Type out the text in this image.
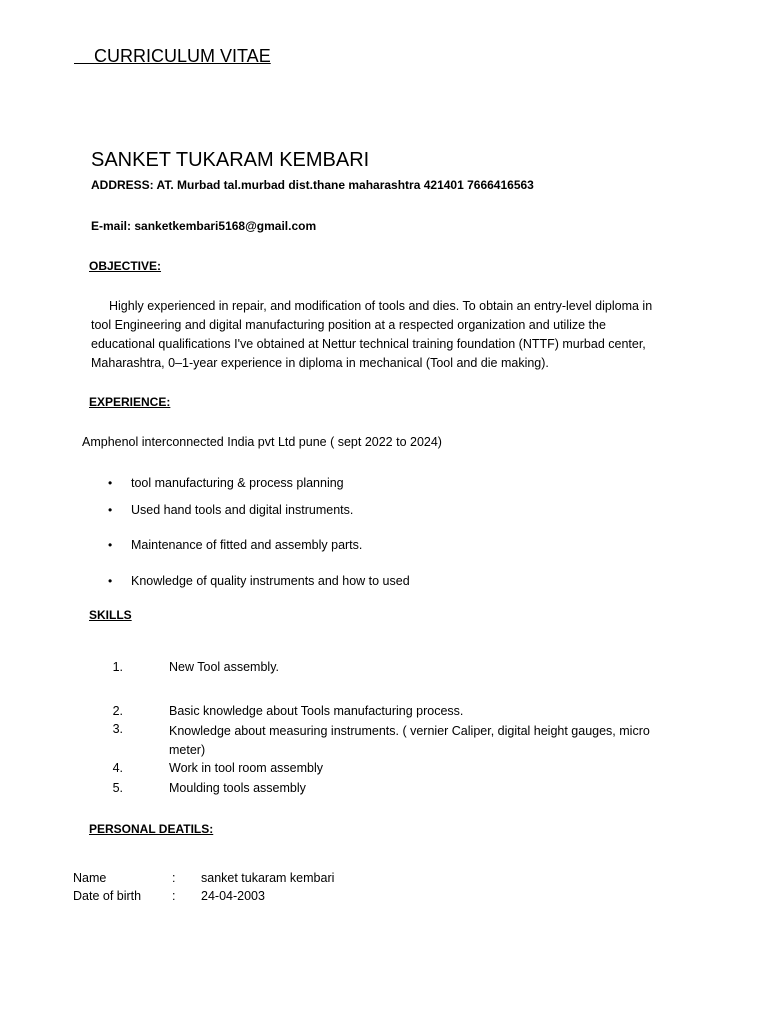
CURRICULUM VITAE
SANKET TUKARAM KEMBARI
ADDRESS: AT. Murbad tal.murbad dist.thane maharashtra 421401 7666416563
E-mail: sanketkembari5168@gmail.com
OBJECTIVE:
Highly experienced in repair, and modification of tools and dies. To obtain an entry-level diploma in tool Engineering and digital manufacturing position at a respected organization and utilize the educational qualifications I've obtained at Nettur technical training foundation (NTTF) murbad center, Maharashtra, 0–1-year experience in diploma in mechanical (Tool and die making).
EXPERIENCE:
Amphenol interconnected India pvt Ltd pune ( sept 2022 to 2024)
• tool manufacturing & process planning
• Used hand tools and digital instruments.
• Maintenance of fitted and assembly parts.
• Knowledge of quality instruments and how to used
SKILLS
1.	New Tool assembly.
2.	Basic knowledge about Tools manufacturing process.
3.	Knowledge about measuring instruments. ( vernier Caliper, digital height gauges, micro meter)
4.	Work in tool room assembly
5.	Moulding tools assembly
PERSONAL DEATILS:
Name	: sanket tukaram kembari
Date of birth : 24-04-2003
